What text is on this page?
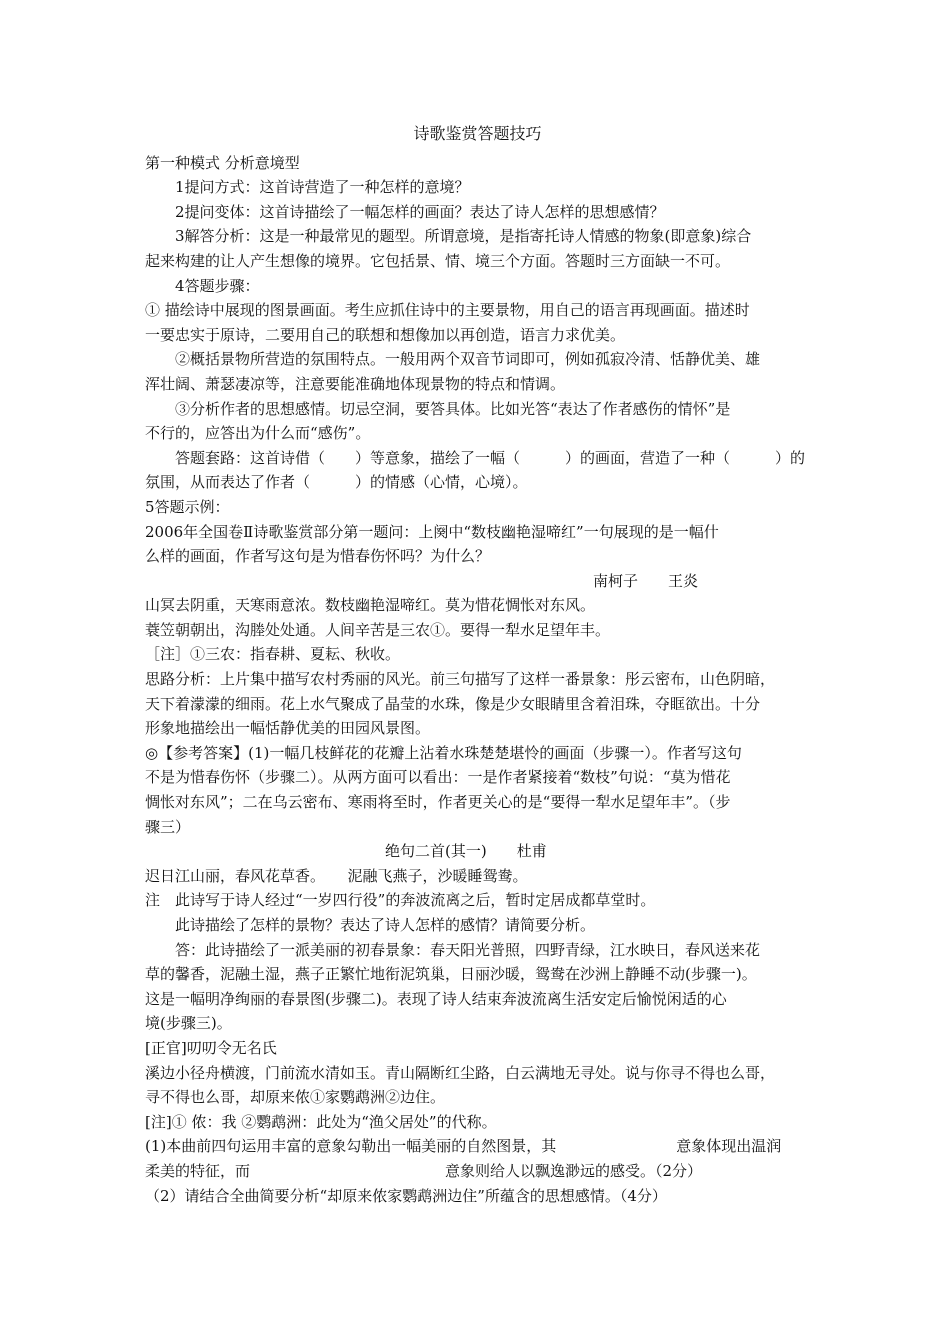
诗歌鉴赏答题技巧

第一种模式 分析意境型

1提问方式：这首诗营造了一种怎样的意境？

2提问变体：这首诗描绘了一幅怎样的画面？表达了诗人怎样的思想感情？

3解答分析：这是一种最常见的题型。所谓意境，是指寄托诗人情感的物象(即意象)综合

起来构建的让人产生想像的境界。它包括景、情、境三个方面。答题时三方面缺一不可。

4答题步骤：

① 描绘诗中展现的图景画面。考生应抓住诗中的主要景物，用自己的语言再现画面。描述时

一要忠实于原诗，二要用自己的联想和想像加以再创造，语言力求优美。

②概括景物所营造的氛围特点。一般用两个双音节词即可，例如孤寂冷清、恬静优美、雄

浑壮阔、萧瑟凄凉等，注意要能准确地体现景物的特点和情调。

③分析作者的思想感情。切忌空洞，要答具体。比如光答“表达了作者感伤的情怀”是

不行的，应答出为什么而“感伤”。

答题套路：这首诗借（　　）等意象，描绘了一幅（　　　）的画面，营造了一种（　　　）的

氛围，从而表达了作者（　　　）的情感（心情，心境）。

5答题示例：

2006年全国卷Ⅱ诗歌鉴赏部分第一题问：上阕中“数枝幽艳湿啼红”一句展现的是一幅什

么样的画面，作者写这句是为惜春伤怀吗？为什么？

南柯子　　王炎

山冥去阴重，天寒雨意浓。数枝幽艳湿啼红。莫为惜花惆怅对东风。

蓑笠朝朝出，沟塍处处通。人间辛苦是三农①。要得一犁水足望年丰。

［注］①三农：指春耕、夏耘、秋收。

思路分析：上片集中描写农村秀丽的风光。前三句描写了这样一番景象：彤云密布，山色阴暗，

天下着濛濛的细雨。花上水气聚成了晶莹的水珠，像是少女眼睛里含着泪珠，夺眶欲出。十分

形象地描绘出一幅恬静优美的田园风景图。

◎【参考答案】(1)一幅几枝鲜花的花瓣上沾着水珠楚楚堪怜的画面（步骤一）。作者写这句

不是为惜春伤怀（步骤二）。从两方面可以看出：一是作者紧接着“数枝”句说：“莫为惜花

惆怅对东风”；二在乌云密布、寒雨将至时，作者更关心的是“要得一犁水足望年丰”。（步

骤三）

绝句二首(其一)　　杜甫

迟日江山丽，春风花草香。　　泥融飞燕子，沙暖睡鸳鸯。

注　此诗写于诗人经过“一岁四行役”的奔波流离之后，暂时定居成都草堂时。

此诗描绘了怎样的景物？表达了诗人怎样的感情？请简要分析。

答：此诗描绘了一派美丽的初春景象：春天阳光普照，四野青绿，江水映日，春风送来花

草的馨香，泥融土湿，燕子正繁忙地衔泥筑巢，日丽沙暖，鸳鸯在沙洲上静睡不动(步骤一)。

这是一幅明净绚丽的春景图(步骤二)。表现了诗人结束奔波流离生活安定后愉悦闲适的心

境(步骤三)。

[正官]叨叨令无名氏

溪边小径舟横渡，门前流水清如玉。青山隔断红尘路，白云满地无寻处。说与你寻不得也么哥，

寻不得也么哥，却原来侬①家鹦鹉洲②边住。

[注]① 侬：我 ②鹦鹉洲：此处为“渔父居处”的代称。

(1)本曲前四句运用丰富的意象勾勒出一幅美丽的自然图景，其　　　　　　　　意象体现出温润

柔美的特征，而　　　　　　　　　　　　　意象则给人以飘逸渺远的感受。（2分）

（2）请结合全曲简要分析“却原来侬家鹦鹉洲边住”所蕴含的思想感情。（4分）
